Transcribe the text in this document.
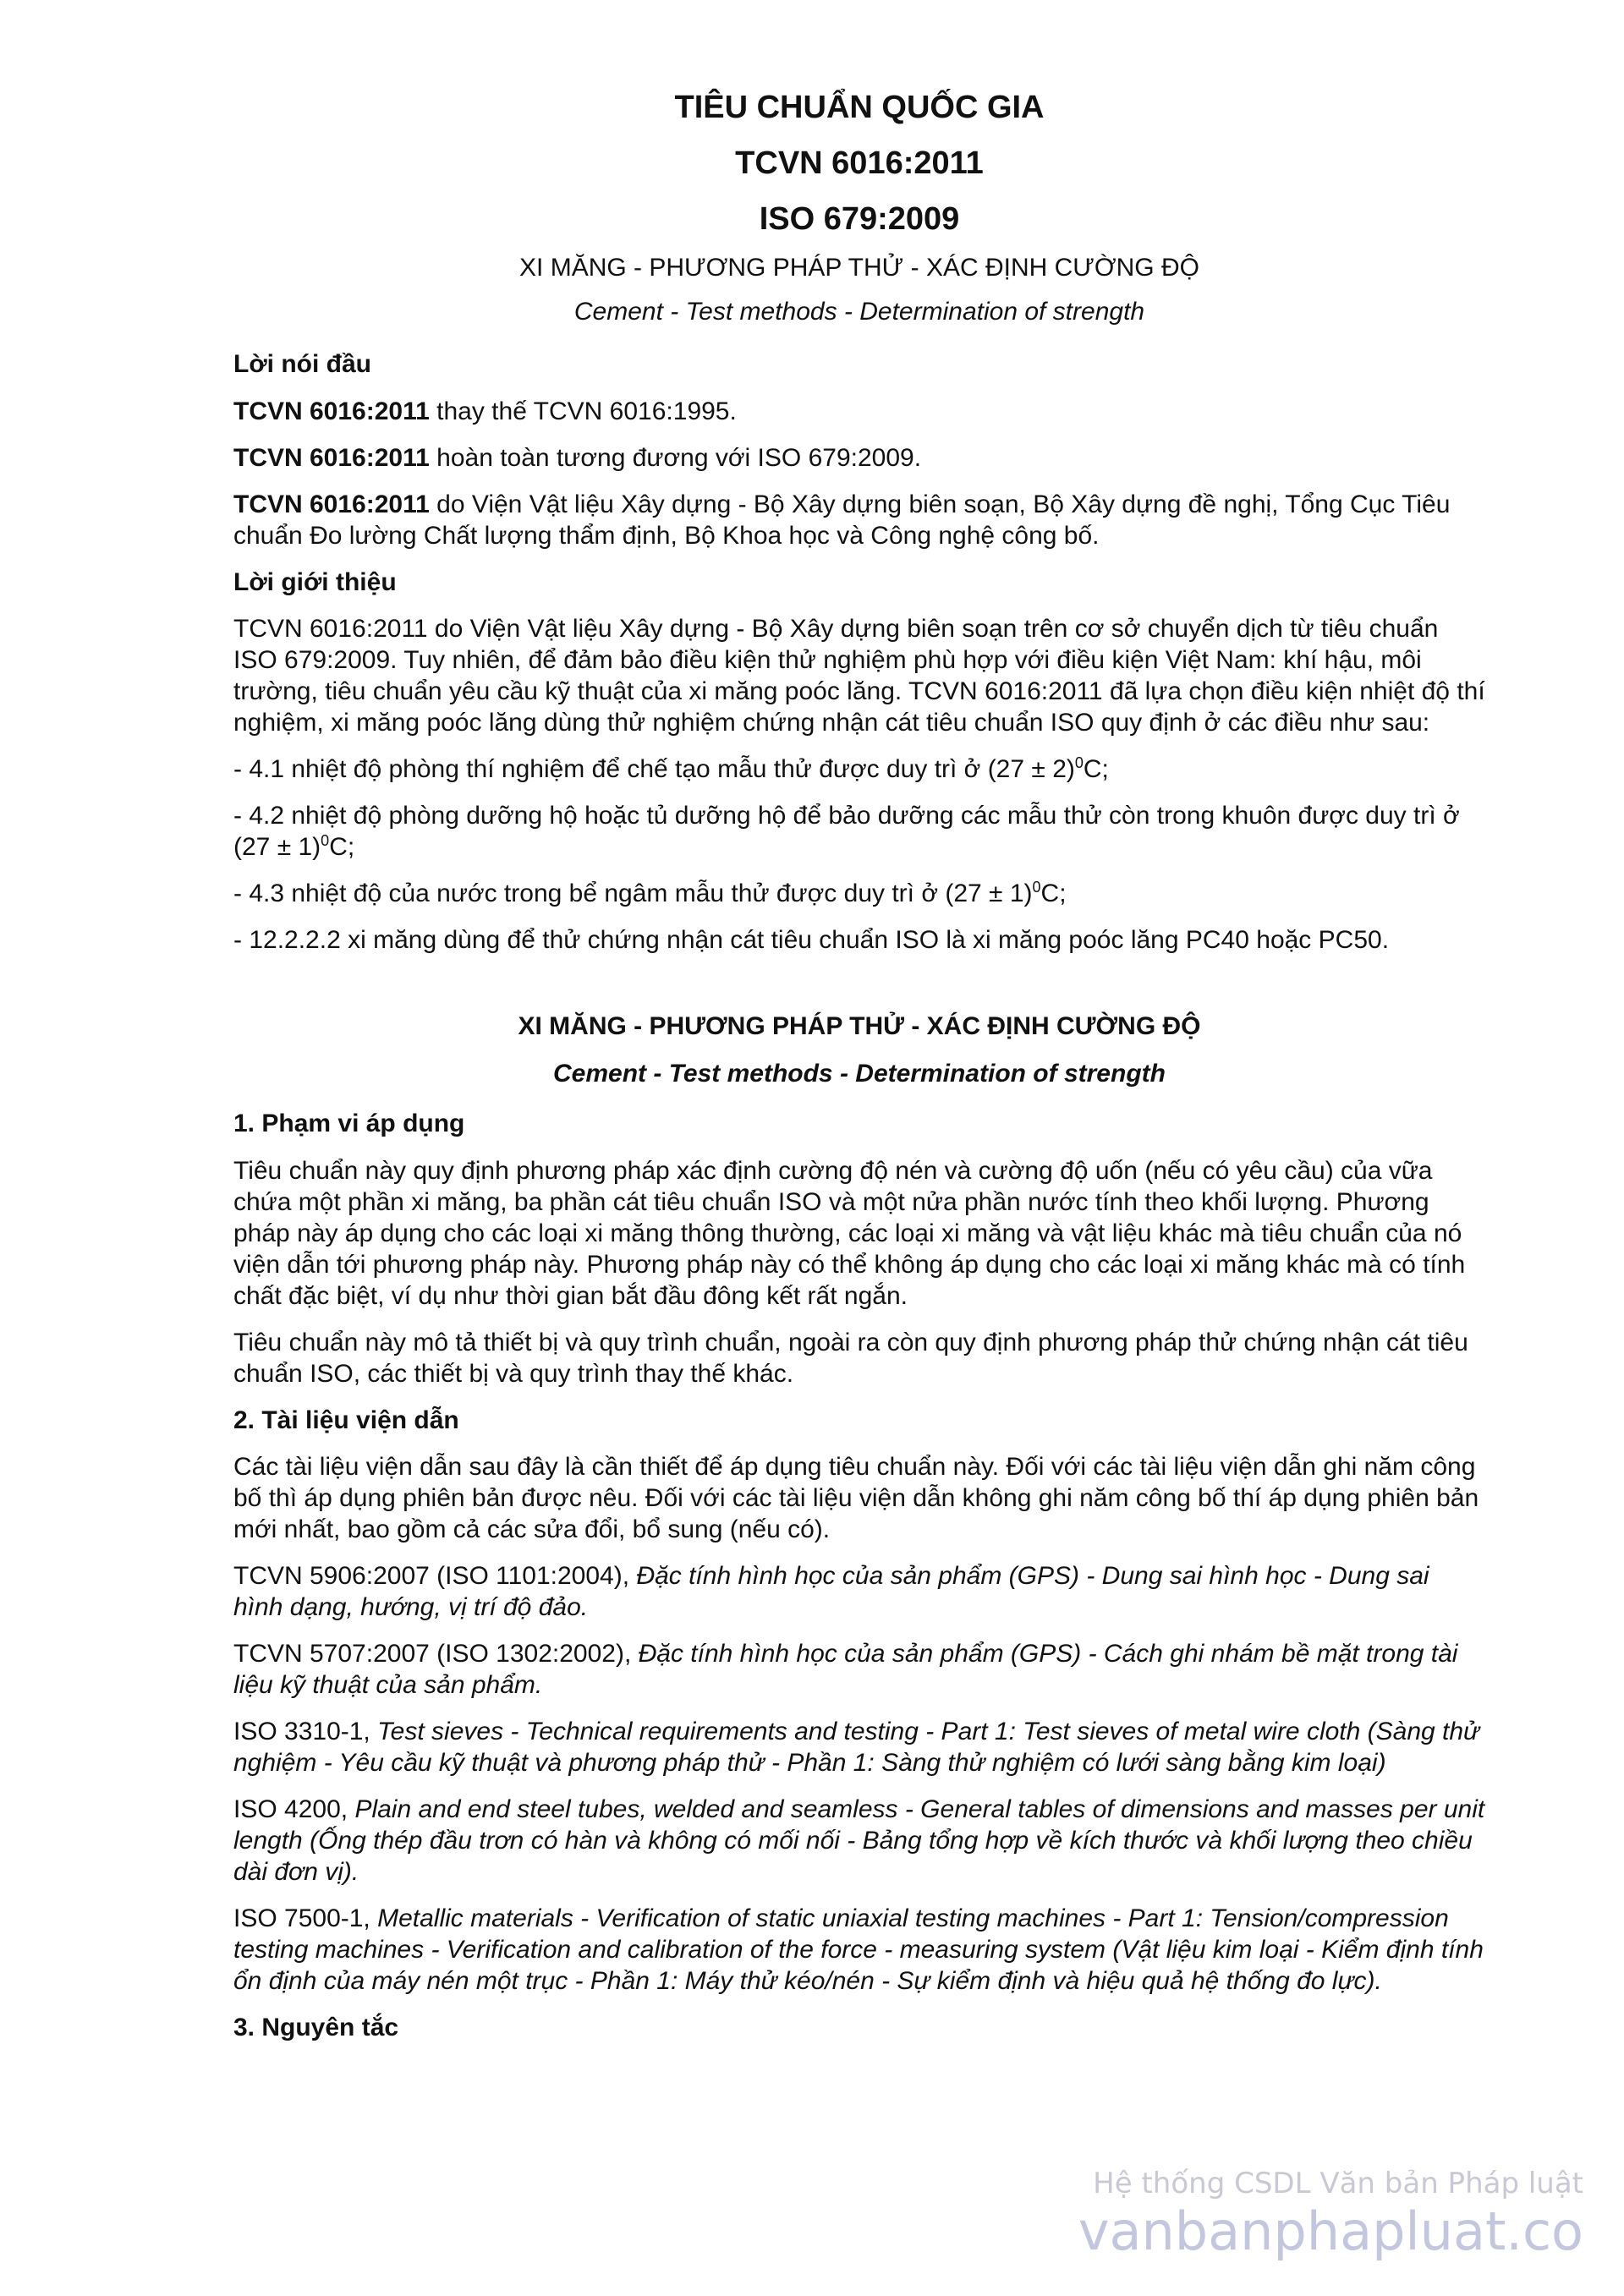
TIÊU CHUẨN QUỐC GIA
TCVN 6016:2011
ISO 679:2009
XI MĂNG - PHƯƠNG PHÁP THỬ - XÁC ĐỊNH CƯỜNG ĐỘ
Cement - Test methods - Determination of strength
Lời nói đầu

TCVN 6016:2011 thay thế TCVN 6016:1995.

TCVN 6016:2011 hoàn toàn tương đương với ISO 679:2009.

TCVN 6016:2011 do Viện Vật liệu Xây dựng - Bộ Xây dựng biên soạn, Bộ Xây dựng đề nghị, Tổng Cục Tiêu chuẩn Đo lường Chất lượng thẩm định, Bộ Khoa học và Công nghệ công bố.

Lời giới thiệu

TCVN 6016:2011 do Viện Vật liệu Xây dựng - Bộ Xây dựng biên soạn trên cơ sở chuyển dịch từ tiêu chuẩn ISO 679:2009. Tuy nhiên, để đảm bảo điều kiện thử nghiệm phù hợp với điều kiện Việt Nam: khí hậu, môi trường, tiêu chuẩn yêu cầu kỹ thuật của xi măng poóc lăng. TCVN 6016:2011 đã lựa chọn điều kiện nhiệt độ thí nghiệm, xi măng poóc lăng dùng thử nghiệm chứng nhận cát tiêu chuẩn ISO quy định ở các điều như sau:

- 4.1 nhiệt độ phòng thí nghiệm để chế tạo mẫu thử được duy trì ở $(27 \pm 2)^0C$;

- 4.2 nhiệt độ phòng dưỡng hộ hoặc tủ dưỡng hộ để bảo dưỡng các mẫu thử còn trong khuôn được duy trì ở $(27 \pm 1)^0C$;

- 4.3 nhiệt độ của nước trong bể ngâm mẫu thử được duy trì ở $(27 \pm 1)^0C$;

- 12.2.2.2 xi măng dùng để thử chứng nhận cát tiêu chuẩn ISO là xi măng poóc lăng PC40 hoặc PC50.

XI MĂNG - PHƯƠNG PHÁP THỬ - XÁC ĐỊNH CƯỜNG ĐỘ
Cement - Test methods - Determination of strength
1. Phạm vi áp dụng

Tiêu chuẩn này quy định phương pháp xác định cường độ nén và cường độ uốn (nếu có yêu cầu) của vữa chứa một phần xi măng, ba phần cát tiêu chuẩn ISO và một nửa phần nước tính theo khối lượng. Phương pháp này áp dụng cho các loại xi măng thông thường, các loại xi măng và vật liệu khác mà tiêu chuẩn của nó viện dẫn tới phương pháp này. Phương pháp này có thể không áp dụng cho các loại xi măng khác mà có tính chất đặc biệt, ví dụ như thời gian bắt đầu đông kết rất ngắn.

Tiêu chuẩn này mô tả thiết bị và quy trình chuẩn, ngoài ra còn quy định phương pháp thử chứng nhận cát tiêu chuẩn ISO, các thiết bị và quy trình thay thế khác.

2. Tài liệu viện dẫn

Các tài liệu viện dẫn sau đây là cần thiết để áp dụng tiêu chuẩn này. Đối với các tài liệu viện dẫn ghi năm công bố thì áp dụng phiên bản được nêu. Đối với các tài liệu viện dẫn không ghi năm công bố thí áp dụng phiên bản mới nhất, bao gồm cả các sửa đổi, bổ sung (nếu có).

TCVN 5906:2007 (ISO 1101:2004), Đặc tính hình học của sản phẩm (GPS) - Dung sai hình học - Dung sai hình dạng, hướng, vị trí độ đảo.

TCVN 5707:2007 (ISO 1302:2002), Đặc tính hình học của sản phẩm (GPS) - Cách ghi nhám bề mặt trong tài liệu kỹ thuật của sản phẩm.

ISO 3310-1, Test sieves - Technical requirements and testing - Part 1: Test sieves of metal wire cloth (Sàng thử nghiệm - Yêu cầu kỹ thuật và phương pháp thử - Phần 1: Sàng thử nghiệm có lưới sàng bằng kim loại)

ISO 4200, Plain and end steel tubes, welded and seamless - General tables of dimensions and masses per unit length (Ống thép đầu trơn có hàn và không có mối nối - Bảng tổng hợp về kích thước và khối lượng theo chiều dài đơn vị).

ISO 7500-1, Metallic materials - Verification of static uniaxial testing machines - Part 1: Tension/compression testing machines - Verification and calibration of the force - measuring system (Vật liệu kim loại - Kiểm định tính ổn định của máy nén một trục - Phần 1: Máy thử kéo/nén - Sự kiểm định và hiệu quả hệ thống đo lực).

3. Nguyên tắc
Hệ thống CSDL Văn bản Pháp luật
vanbanphapluat.co
